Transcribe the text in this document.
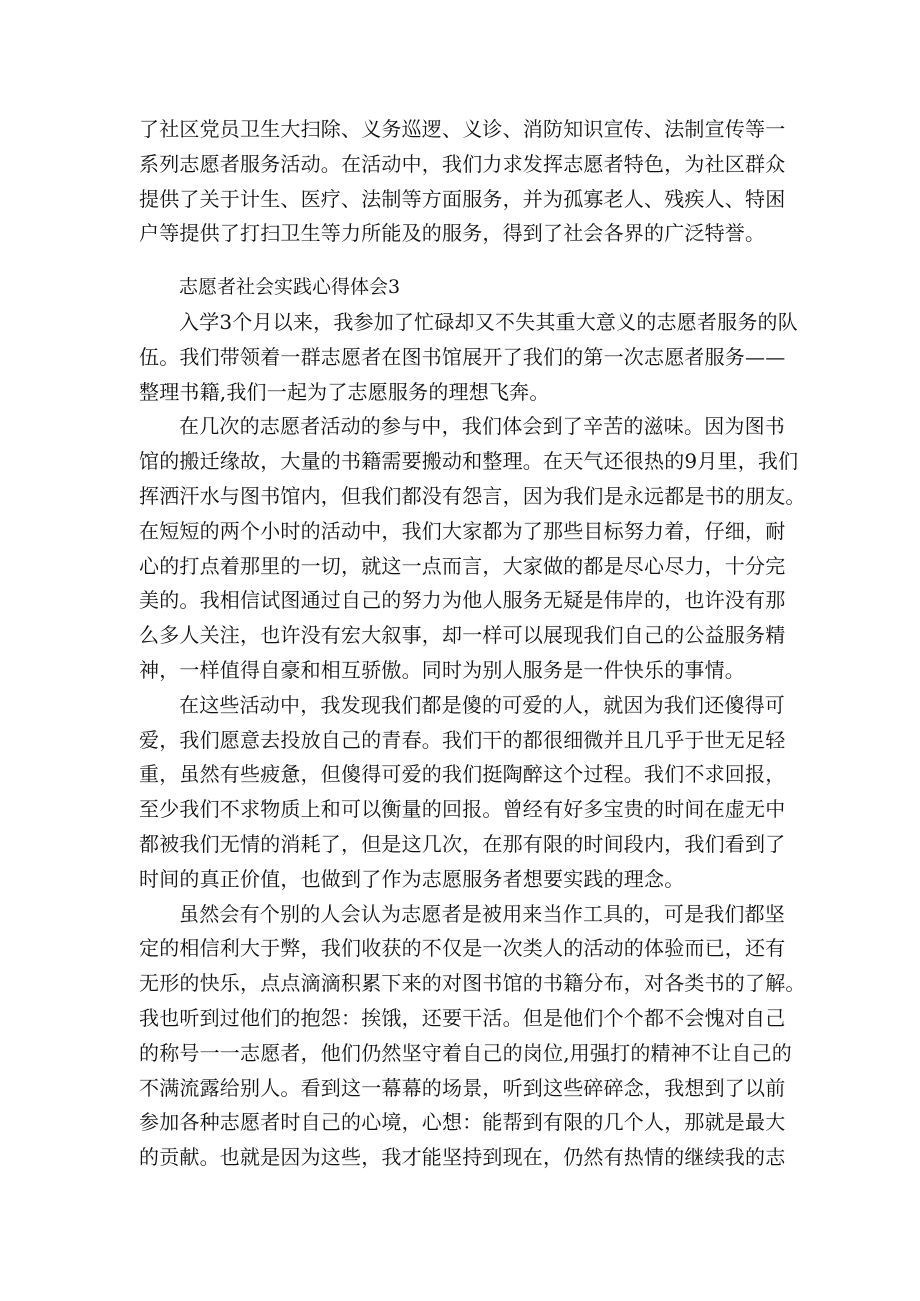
了社区党员卫生大扫除、义务巡逻、义诊、消防知识宣传、法制宣传等一
系列志愿者服务活动。在活动中，我们力求发挥志愿者特色，为社区群众
提供了关于计生、医疗、法制等方面服务，并为孤寡老人、残疾人、特困
户等提供了打扫卫生等力所能及的服务，得到了社会各界的广泛特誉。
志愿者社会实践心得体会3
入学3个月以来，我参加了忙碌却又不失其重大意义的志愿者服务的队
伍。我们带领着一群志愿者在图书馆展开了我们的第一次志愿者服务——
整理书籍,我们一起为了志愿服务的理想飞奔。
在几次的志愿者活动的参与中，我们体会到了辛苦的滋味。因为图书
馆的搬迁缘故，大量的书籍需要搬动和整理。在天气还很热的9月里，我们
挥洒汗水与图书馆内，但我们都没有怨言，因为我们是永远都是书的朋友。
在短短的两个小时的活动中，我们大家都为了那些目标努力着，仔细，耐
心的打点着那里的一切，就这一点而言，大家做的都是尽心尽力，十分完
美的。我相信试图通过自己的努力为他人服务无疑是伟岸的，也许没有那
么多人关注，也许没有宏大叙事，却一样可以展现我们自己的公益服务精
神，一样值得自豪和相互骄傲。同时为别人服务是一件快乐的事情。
在这些活动中，我发现我们都是傻的可爱的人，就因为我们还傻得可
爱，我们愿意去投放自己的青春。我们干的都很细微并且几乎于世无足轻
重，虽然有些疲惫，但傻得可爱的我们挺陶醉这个过程。我们不求回报，
至少我们不求物质上和可以衡量的回报。曾经有好多宝贵的时间在虚无中
都被我们无情的消耗了，但是这几次，在那有限的时间段内，我们看到了
时间的真正价值，也做到了作为志愿服务者想要实践的理念。
虽然会有个别的人会认为志愿者是被用来当作工具的，可是我们都坚
定的相信利大于弊，我们收获的不仅是一次类人的活动的体验而已，还有
无形的快乐，点点滴滴积累下来的对图书馆的书籍分布，对各类书的了解。
我也听到过他们的抱怨：挨饿，还要干活。但是他们个个都不会愧对自己
的称号一一志愿者，他们仍然坚守着自己的岗位,用强打的精神不让自己的
不满流露给别人。看到这一幕幕的场景，听到这些碎碎念，我想到了以前
参加各种志愿者时自己的心境，心想：能帮到有限的几个人，那就是最大
的贡献。也就是因为这些，我才能坚持到现在，仍然有热情的继续我的志
